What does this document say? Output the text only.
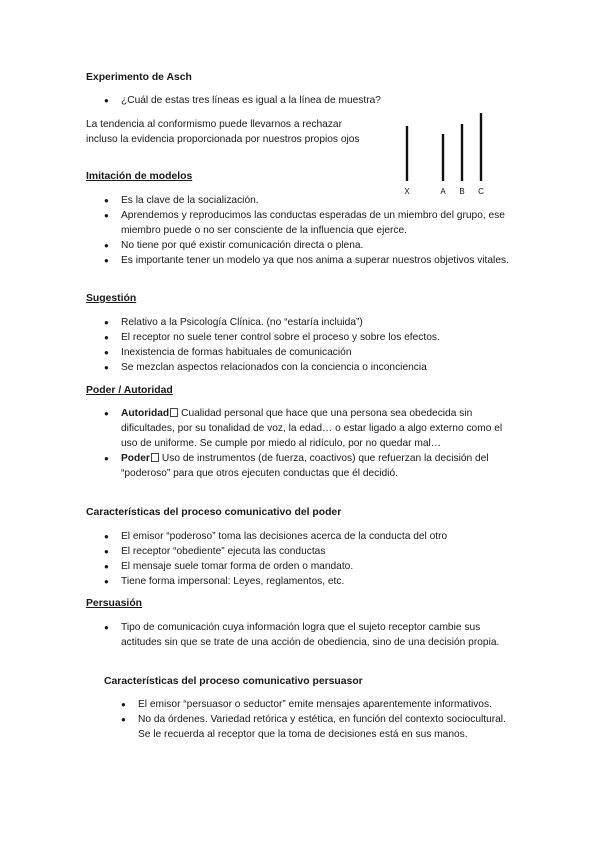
Experimento de Asch
● ¿Cuál de estas tres líneas es igual a la línea de muestra?
La tendencia al conformismo puede llevarnos a rechazar incluso la evidencia proporcionada por nuestros propios ojos
X	A B C
Imitación de modelos
● Es la clave de la socialización.
● Aprendemos y reproducimos las conductas esperadas de un miembro del grupo, ese miembro puede o no ser consciente de la influencia que ejerce.
● No tiene por qué existir comunicación directa o plena.
● Es importante tener un modelo ya que nos anima a superar nuestros objetivos vitales.
Sugestión
● Relativo a la Psicología Clínica. (no “estaría incluida”)
● El receptor no suele tener control sobre el proceso y sobre los efectos.
● Inexistencia de formas habituales de comunicación
● Se mezclan aspectos relacionados con la conciencia o inconciencia
Poder / Autoridad
● Autoridad Cualidad personal que hace que una persona sea obedecida sin dificultades, por su tonalidad de voz, la edad… o estar ligado a algo externo como el uso de uniforme. Se cumple por miedo al ridículo, por no quedar mal…
● Poder Uso de instrumentos (de fuerza, coactivos) que refuerzan la decisión del “poderoso” para que otros ejecuten conductas que él decidió.
Características del proceso comunicativo del poder
● El emisor “poderoso” toma las decisiones acerca de la conducta del otro
● El receptor “obediente” ejecuta las conductas
● El mensaje suele tomar forma de orden o mandato.
● Tiene forma impersonal: Leyes, reglamentos, etc.
Persuasión
● Tipo de comunicación cuya información logra que el sujeto receptor cambie sus actitudes sin que se trate de una acción de obediencia, sino de una decisión propia.
Características del proceso comunicativo persuasor
● El emisor “persuasor o seductor” emite mensajes aparentemente informativos.
● No da órdenes. Variedad retórica y estética, en función del contexto sociocultural. Se le recuerda al receptor que la toma de decisiones está en sus manos.
